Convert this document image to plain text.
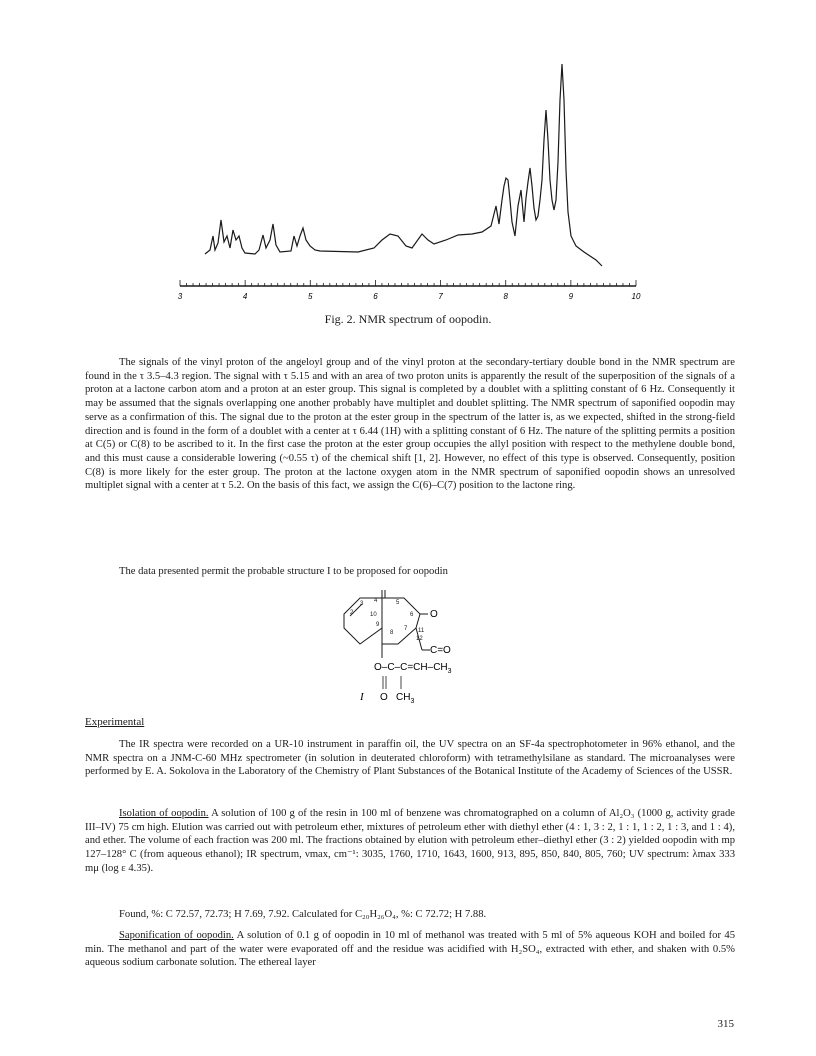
3	4	5	6	7	8	9	10
Fig. 2. NMR spectrum of oopodin.

The signals of the vinyl proton of the angeloyl group and of the vinyl proton at the secondary-tertiary double bond in the NMR spectrum are found in the τ 3.5–4.3 region. The signal with τ 5.15 and with an area of two proton units is apparently the result of the superposition of the signals of a proton at a lactone carbon atom and a proton at an ester group. This signal is completed by a doublet with a splitting constant of 6 Hz. Consequently it may be assumed that the signals overlapping one another probably have multiplet and doublet splitting. The NMR spectrum of saponified oopodin may serve as a confirmation of this. The signal due to the proton at the ester group in the spectrum of the latter is, as we expected, shifted in the strong-field direction and is found in the form of a doublet with a center at τ 6.44 (1H) with a splitting constant of 6 Hz. The nature of the splitting permits a position at C(5) or C(8) to be ascribed to it. In the first case the proton at the ester group occupies the allyl position with respect to the methylene double bond, and this must cause a considerable lowering (~0.55 τ) of the chemical shift [1, 2]. However, no effect of this type is observed. Consequently, position C(8) is more likely for the ester group. The proton at the lactone oxygen atom in the NMR spectrum of saponified oopodin shows an unresolved multiplet signal with a center at τ 5.2. On the basis of this fact, we assign the C(6)–C(7) position to the lactone ring.

The data presented permit the probable structure I to be proposed for oopodin

O
C=O
2
3 4	5
6
7
8
9
10
11
12
$O-C-C=CH-CH_3$
O $CH_3$
I

Experimental

The IR spectra were recorded on a UR-10 instrument in paraffin oil, the UV spectra on an SF-4a spectrophotometer in 96% ethanol, and the NMR spectra on a JNM-C-60 MHz spectrometer (in solution in deuterated chloroform) with tetramethylsilane as standard. The microanalyses were performed by E. A. Sokolova in the Laboratory of the Chemistry of Plant Substances of the Botanical Institute of the Academy of Sciences of the USSR.

Isolation of oopodin. A solution of 100 g of the resin in 100 ml of benzene was chromatographed on a column of Al₂O₃ (1000 g, activity grade III–IV) 75 cm high. Elution was carried out with petroleum ether, mixtures of petroleum ether with diethyl ether (4 : 1, 3 : 2, 1 : 1, 1 : 2, 1 : 3, and 1 : 4), and ether. The volume of each fraction was 200 ml. The fractions obtained by elution with petroleum ether–diethyl ether (3 : 2) yielded oopodin with mp 127–128° C (from aqueous ethanol); IR spectrum, νmax, cm⁻¹: 3035, 1760, 1710, 1643, 1600, 913, 895, 850, 840, 805, 760; UV spectrum: λmax 333 mμ (log ε 4.35).

Found, %: C 72.57, 72.73; H 7.69, 7.92. Calculated for C₂₀H₂₆O₄, %: C 72.72; H 7.88.

Saponification of oopodin. A solution of 0.1 g of oopodin in 10 ml of methanol was treated with 5 ml of 5% aqueous KOH and boiled for 45 min. The methanol and part of the water were evaporated off and the residue was acidified with H₂SO₄, extracted with ether, and shaken with 0.5% aqueous sodium carbonate solution. The ethereal layer

315
